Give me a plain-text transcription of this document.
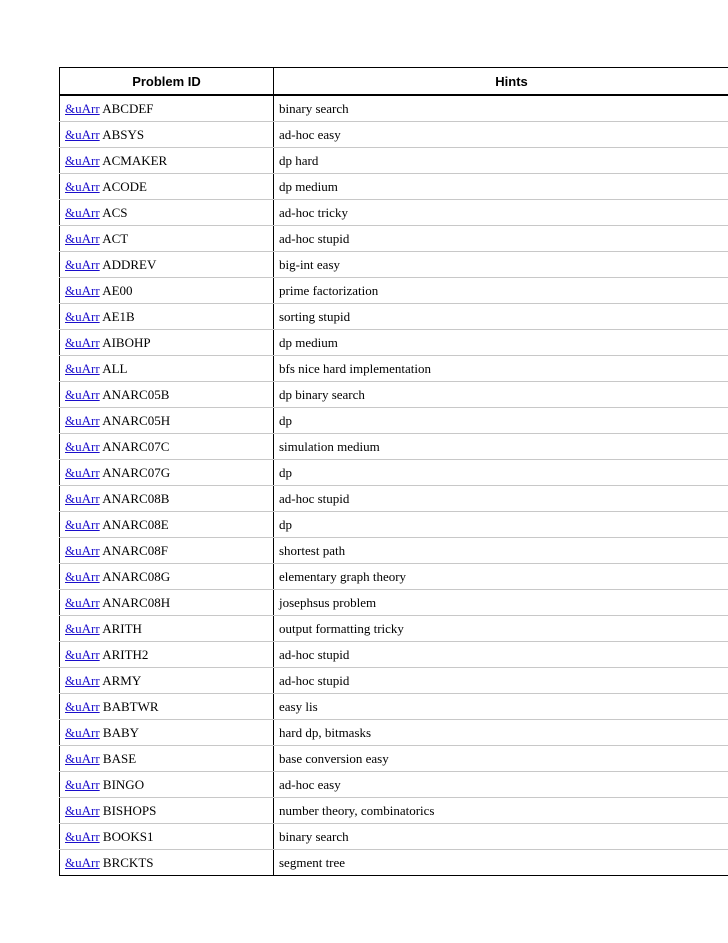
Problem ID	Hints
&uArr ABCDEF	binary search
&uArr ABSYS	ad-hoc easy
&uArr ACMAKER	dp hard
&uArr ACODE	dp medium
&uArr ACS	ad-hoc tricky
&uArr ACT	ad-hoc stupid
&uArr ADDREV	big-int easy
&uArr AE00	prime factorization
&uArr AE1B	sorting stupid
&uArr AIBOHP	dp medium
&uArr ALL	bfs nice hard implementation
&uArr ANARC05B	dp binary search
&uArr ANARC05H	dp
&uArr ANARC07C	simulation medium
&uArr ANARC07G	dp
&uArr ANARC08B	ad-hoc stupid
&uArr ANARC08E	dp
&uArr ANARC08F	shortest path
&uArr ANARC08G	elementary graph theory
&uArr ANARC08H	josephsus problem
&uArr ARITH	output formatting tricky
&uArr ARITH2	ad-hoc stupid
&uArr ARMY	ad-hoc stupid
&uArr BABTWR	easy lis
&uArr BABY	hard dp, bitmasks
&uArr BASE	base conversion easy
&uArr BINGO	ad-hoc easy
&uArr BISHOPS	number theory, combinatorics
&uArr BOOKS1	binary search
&uArr BRCKTS	segment tree
